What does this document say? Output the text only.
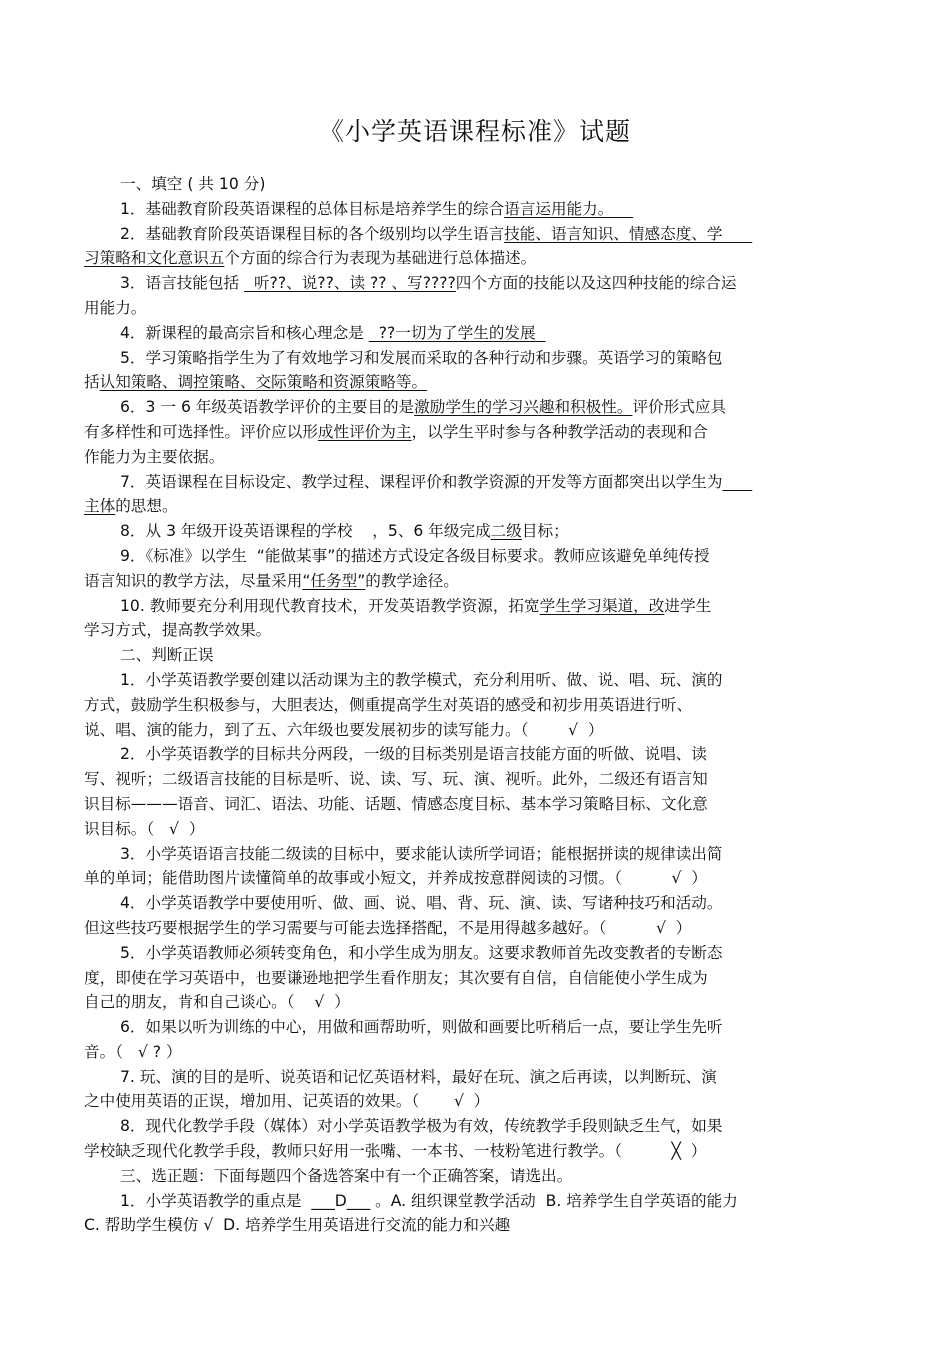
《小学英语课程标准》试题
一、填空 ( 共 10 分)
1．基础教育阶段英语课程的总体目标是培养学生的综合语言运用能力。
2．基础教育阶段英语课程目标的各个级别均以学生语言技能、语言知识、情感态度、学
习策略和文化意识五个方面的综合行为表现为基础进行总体描述。
3．语言技能包括   听??、说??、读 ?? 、写????四个方面的技能以及这四种技能的综合运
用能力。
4．新课程的最高宗旨和核心理念是   ??一切为了学生的发展
5．学习策略指学生为了有效地学习和发展而采取的各种行动和步骤。英语学习的策略包
括认知策略、调控策略、交际策略和资源策略等。
6．3 一 6 年级英语教学评价的主要目的是激励学生的学习兴趣和积极性。评价形式应具
有多样性和可选择性。评价应以形成性评价为主，以学生平时参与各种教学活动的表现和合
作能力为主要依据。
7．英语课程在目标设定、教学过程、课程评价和教学资源的开发等方面都突出以学生为
主体的思想。
8．从 3 年级开设英语课程的学校    ，5、6 年级完成二级目标；
9．《标准》以学生  “能做某事”的描述方式设定各级目标要求。教师应该避免单纯传授
语言知识的教学方法，尽量采用“任务型”的教学途径。
10. 教师要充分利用现代教育技术，开发英语教学资源，拓宽学生学习渠道，改进学生
学习方式，提高教学效果。
二、判断正误
1．小学英语教学要创建以活动课为主的教学模式，充分利用听、做、说、唱、玩、演的
方式，鼓励学生积极参与，大胆表达，侧重提高学生对英语的感受和初步用英语进行听、
说、唱、演的能力，到了五、六年级也要发展初步的读写能力。（        √  ）
2．小学英语教学的目标共分两段，一级的目标类别是语言技能方面的听做、说唱、读
写、视听；二级语言技能的目标是听、说、读、写、玩、演、视听。此外，二级还有语言知
识目标———语音、词汇、语法、功能、话题、情感态度目标、基本学习策略目标、文化意
识目标。（   √  ）
3．小学英语语言技能二级读的目标中，要求能认读所学词语；能根据拼读的规律读出简
单的单词；能借助图片读懂简单的故事或小短文，并养成按意群阅读的习惯。（          √  ）
4．小学英语教学中要使用听、做、画、说、唱、背、玩、演、读、写诸种技巧和活动。
但这些技巧要根据学生的学习需要与可能去选择搭配，不是用得越多越好。（          √  ）
5．小学英语教师必须转变角色，和小学生成为朋友。这要求教师首先改变教者的专断态
度，即使在学习英语中，也要谦逊地把学生看作朋友；其次要有自信，自信能使小学生成为
自己的朋友，肯和自己谈心。（    √  ）
6．如果以听为训练的中心，用做和画帮助听，则做和画要比听稍后一点，要让学生先听
音。（   √ ? ）
7. 玩、演的目的是听、说英语和记忆英语材料，最好在玩、演之后再读，以判断玩、演
之中使用英语的正误，增加用、记英语的效果。（       √  ）
8．现代化教学手段（媒体）对小学英语教学极为有效，传统教学手段则缺乏生气，如果
学校缺乏现代化教学手段，教师只好用一张嘴、一本书、一枝粉笔进行教学。（          ╳  ）
三、选正题：下面每题四个备选答案中有一个正确答案，请选出。
1．小学英语教学的重点是  ___D___ 。A. 组织课堂教学活动  B. 培养学生自学英语的能力
C. 帮助学生模仿 √  D. 培养学生用英语进行交流的能力和兴趣
